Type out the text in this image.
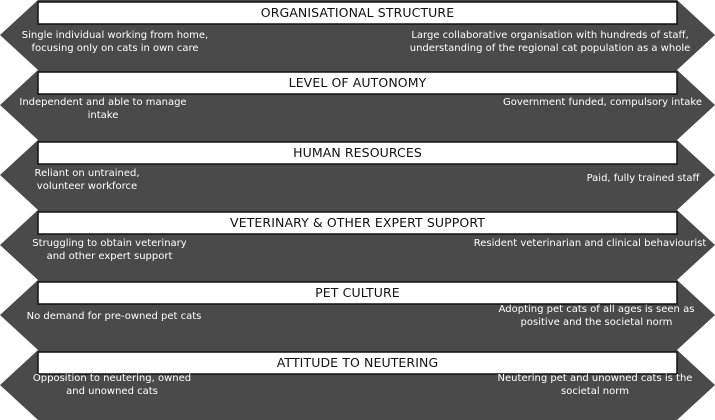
ORGANISATIONAL STRUCTURE
Single individual working from home, focusing only on cats in own care
Large collaborative organisation with hundreds of staff, understanding of the regional cat population as a whole
LEVEL OF AUTONOMY
Independent and able to manage intake
Government funded, compulsory intake
HUMAN RESOURCES
Reliant on untrained, volunteer workforce
Paid, fully trained staff
VETERINARY & OTHER EXPERT SUPPORT
Struggling to obtain veterinary and other expert support
Resident veterinarian and clinical behaviourist
PET CULTURE
No demand for pre-owned pet cats
Adopting pet cats of all ages is seen as positive and the societal norm
ATTITUDE TO NEUTERING
Opposition to neutering, owned and unowned cats
Neutering pet and unowned cats is the societal norm
